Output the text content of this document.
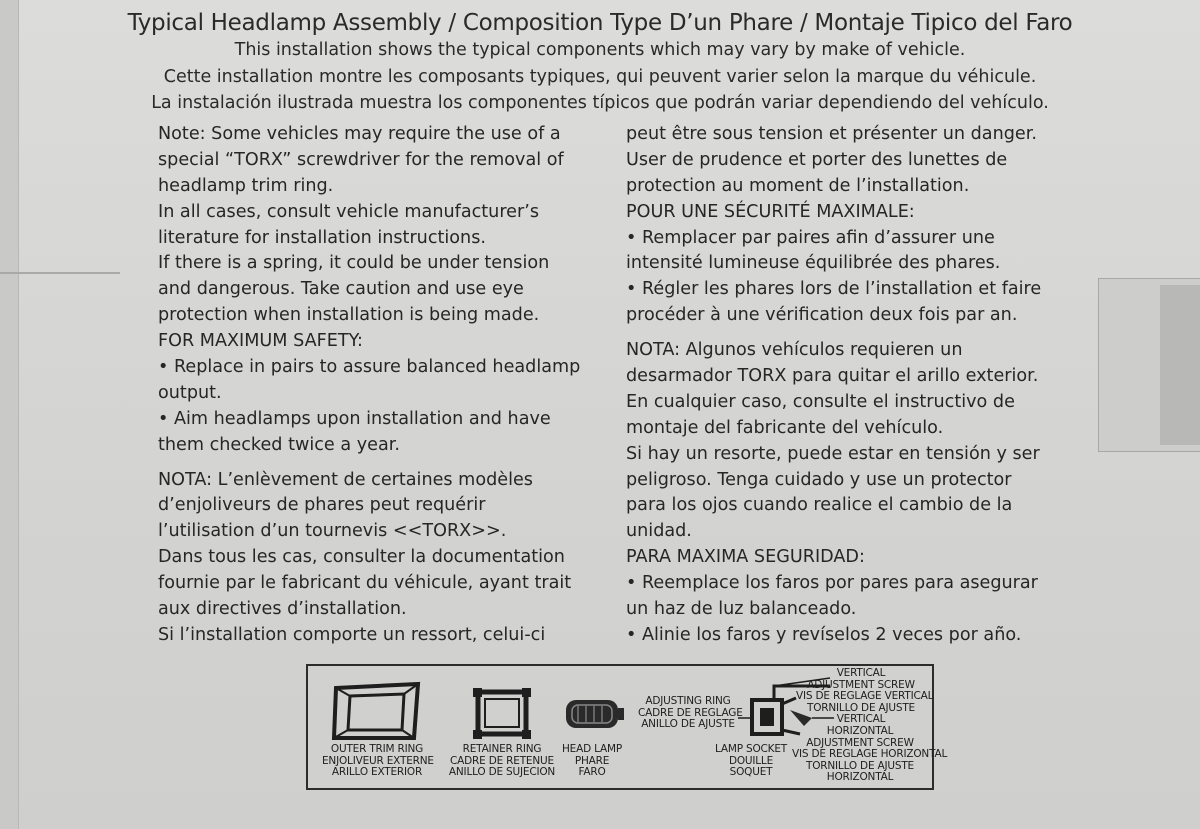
Typical Headlamp Assembly / Composition Type D’un Phare / Montaje Tipico del Faro
This installation shows the typical components which may vary by make of vehicle.
Cette installation montre les composants typiques, qui peuvent varier selon la marque du véhicule.
La instalación ilustrada muestra los componentes típicos que podrán variar dependiendo del vehículo.
Note: Some vehicles may require the use of a
special “TORX” screwdriver for the removal of
headlamp trim ring.
In all cases, consult vehicle manufacturer’s
literature for installation instructions.
If there is a spring, it could be under tension
and dangerous. Take caution and use eye
protection when installation is being made.
FOR MAXIMUM SAFETY:
• Replace in pairs to assure balanced headlamp
output.
• Aim headlamps upon installation and have
them checked twice a year.
NOTA: L’enlèvement de certaines modèles
d’enjoliveurs de phares peut requérir
l’utilisation d’un tournevis <<TORX>>.
Dans tous les cas, consulter la documentation
fournie par le fabricant du véhicule, ayant trait
aux directives d’installation.
Si l’installation comporte un ressort, celui-ci
peut être sous tension et présenter un danger.
User de prudence et porter des lunettes de
protection au moment de l’installation.
POUR UNE SÉCURITÉ MAXIMALE:
• Remplacer par paires afin d’assurer une
intensité lumineuse équilibrée des phares.
• Régler les phares lors de l’installation et faire
procéder à une vérification deux fois par an.
NOTA: Algunos vehículos requieren un
desarmador TORX para quitar el arillo exterior.
En cualquier caso, consulte el instructivo de
montaje del fabricante del vehículo.
Si hay un resorte, puede estar en tensión y ser
peligroso. Tenga cuidado y use un protector
para los ojos cuando realice el cambio de la
unidad.
PARA MAXIMA SEGURIDAD:
• Reemplace los faros por pares para asegurar
un haz de luz balanceado.
• Alinie los faros y revíselos 2 veces por año.
OUTER TRIM RING
ENJOLIVEUR EXTERNE
ARILLO EXTERIOR
RETAINER RING
CADRE DE RETENUE
ANILLO DE SUJECION
HEAD LAMP
PHARE
FARO
ADJUSTING RING
CADRE DE REGLAGE
ANILLO DE AJUSTE
LAMP SOCKET
DOUILLE
SOQUET
VERTICAL
ADJUSTMENT SCREW
VIS DE REGLAGE VERTICAL
TORNILLO DE AJUSTE
VERTICAL
HORIZONTAL
ADJUSTMENT SCREW
VIS DE REGLAGE HORIZONTAL
TORNILLO DE AJUSTE
HORIZONTAL
